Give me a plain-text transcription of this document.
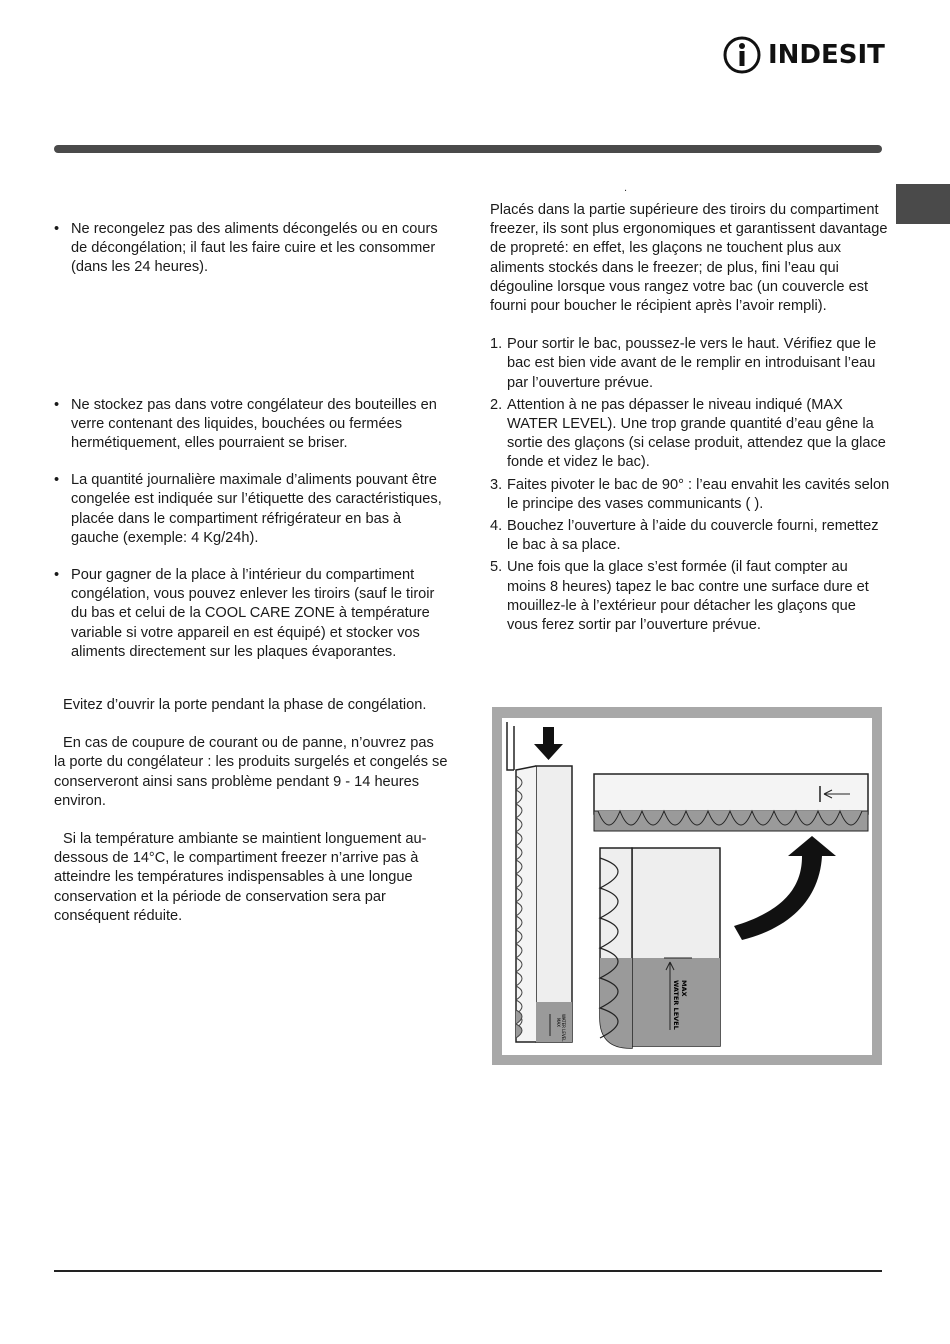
INDESIT
.

• Ne recongelez pas des aliments décongelés ou en cours de décongélation; il faut les faire cuire et les consommer (dans les 24 heures).

• Ne stockez pas dans votre congélateur des bouteilles en verre contenant des liquides, bouchées ou fermées hermétiquement, elles pourraient se briser.

• La quantité journalière maximale d’aliments pouvant être congelée est indiquée sur l’étiquette des caractéristiques, placée dans le compartiment réfrigérateur en bas à gauche (exemple: 4 Kg/24h).

• Pour gagner de la place à l’intérieur du compartiment congélation, vous pouvez enlever les tiroirs (sauf le tiroir du bas et celui de la COOL CARE ZONE à température variable si votre appareil en est équipé) et stocker vos aliments directement sur les plaques évaporantes.

Evitez d’ouvrir la porte pendant la phase de congélation.

En cas de coupure de courant ou de panne, n’ouvrez pas la porte du congélateur : les produits surgelés et congelés se conserveront ainsi sans problème pendant 9 - 14 heures environ.

Si la température ambiante se maintient longuement au-dessous de 14°C, le compartiment freezer n’arrive pas à atteindre les températures indispensables à une longue conservation et la période de conservation sera par conséquent réduite.

Placés dans la partie supérieure des tiroirs du compartiment freezer, ils sont plus ergonomiques et garantissent davantage de propreté: en effet, les glaçons ne touchent plus aux aliments stockés dans le freezer; de plus, fini l’eau qui dégouline lorsque vous rangez votre bac (un couvercle est fourni pour boucher le récipient après l’avoir rempli).

1. Pour sortir le bac, poussez-le vers le haut. Vérifiez que le bac est bien vide avant de le remplir en introduisant l’eau par l’ouverture prévue.
2. Attention à ne pas dépasser le niveau indiqué (MAX WATER LEVEL). Une trop grande quantité d’eau gêne la sortie des glaçons (si celase produit, attendez que la glace fonde et videz le bac).
3. Faites pivoter le bac de 90° : l’eau envahit les cavités selon le principe des vases communicants ( ).
4. Bouchez l’ouverture à l’aide du couvercle fourni, remettez le bac à sa place.
5. Une fois que la glace s’est formée (il faut compter au moins 8 heures) tapez le bac contre une surface dure et mouillez-le à l’extérieur pour détacher les glaçons que vous ferez sortir par l’ouverture prévue.
MAX WATER LEVEL
MAX
WATER LEVEL
